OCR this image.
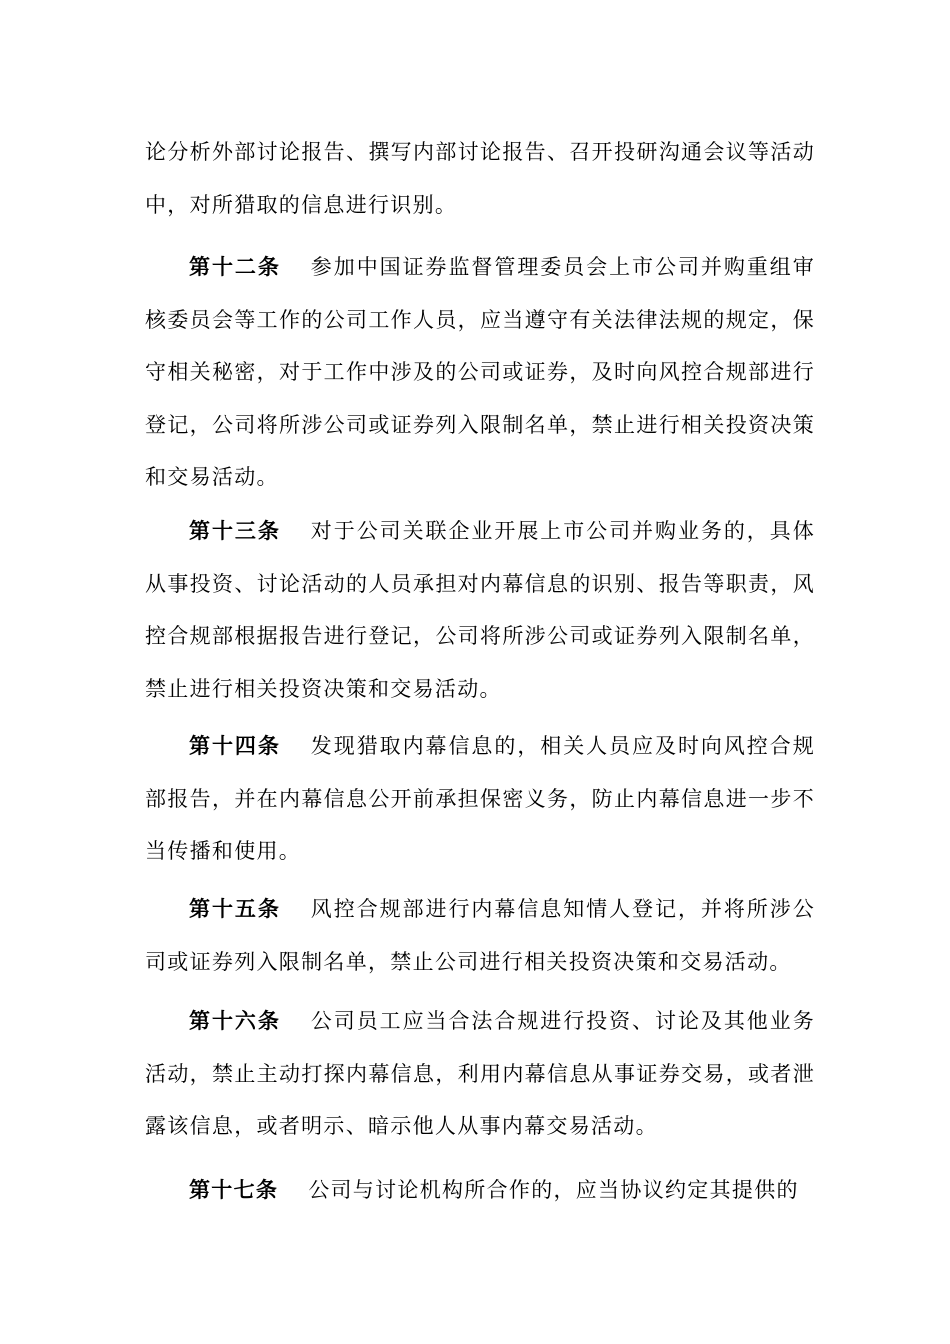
论分析外部讨论报告、撰写内部讨论报告、召开投研沟通会议等活动中，对所猎取的信息进行识别。

第十二条 参加中国证券监督管理委员会上市公司并购重组审核委员会等工作的公司工作人员，应当遵守有关法律法规的规定，保守相关秘密，对于工作中涉及的公司或证券，及时向风控合规部进行登记，公司将所涉公司或证券列入限制名单，禁止进行相关投资决策和交易活动。

第十三条 对于公司关联企业开展上市公司并购业务的，具体从事投资、讨论活动的人员承担对内幕信息的识别、报告等职责，风控合规部根据报告进行登记，公司将所涉公司或证券列入限制名单，禁止进行相关投资决策和交易活动。

第十四条 发现猎取内幕信息的，相关人员应及时向风控合规部报告，并在内幕信息公开前承担保密义务，防止内幕信息进一步不当传播和使用。

第十五条 风控合规部进行内幕信息知情人登记，并将所涉公司或证券列入限制名单，禁止公司进行相关投资决策和交易活动。

第十六条 公司员工应当合法合规进行投资、讨论及其他业务活动，禁止主动打探内幕信息，利用内幕信息从事证券交易，或者泄露该信息，或者明示、暗示他人从事内幕交易活动。

第十七条 公司与讨论机构所合作的，应当协议约定其提供的
